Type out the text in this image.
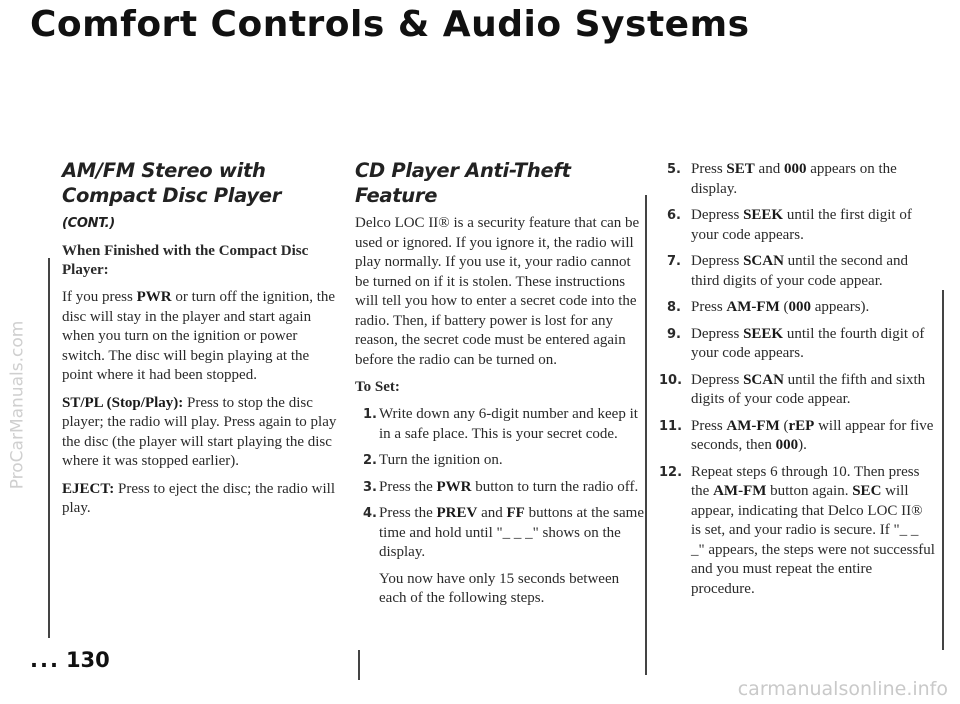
Comfort Controls & Audio Systems
ProCarManuals.com
carmanualsonline.info
AM/FM Stereo with Compact Disc Player (CONT.)
When Finished with the Compact Disc Player:

If you press PWR or turn off the ignition, the disc will stay in the player and start again when you turn on the ignition or power switch. The disc will begin playing at the point where it had been stopped.

ST/PL (Stop/Play): Press to stop the disc player; the radio will play. Press again to play the disc (the player will start playing the disc where it was stopped earlier).

EJECT: Press to eject the disc; the radio will play.

CD Player Anti-Theft Feature

Delco LOC II® is a security feature that can be used or ignored. If you ignore it, the radio will play normally. If you use it, your radio cannot be turned on if it is stolen. These instructions will tell you how to enter a secret code into the radio. Then, if battery power is lost for any reason, the secret code must be entered again before the radio can be turned on.

To Set:
1. Write down any 6-digit number and keep it in a safe place. This is your secret code.
2. Turn the ignition on.
3. Press the PWR button to turn the radio off.
4. Press the PREV and FF buttons at the same time and hold until "_ _ _" shows on the display.

You now have only 15 seconds between each of the following steps.

5. Press SET and 000 appears on the display.
6. Depress SEEK until the first digit of your code appears.
7. Depress SCAN until the second and third digits of your code appear.
8. Press AM-FM (000 appears).
9. Depress SEEK until the fourth digit of your code appears.
10. Depress SCAN until the fifth and sixth digits of your code appear.
11. Press AM-FM (rEP will appear for five seconds, then 000).
12. Repeat steps 6 through 10. Then press the AM-FM button again. SEC will appear, indicating that Delco LOC II® is set, and your radio is secure. If "_ _ _" appears, the steps were not successful and you must repeat the entire procedure.
... 130
